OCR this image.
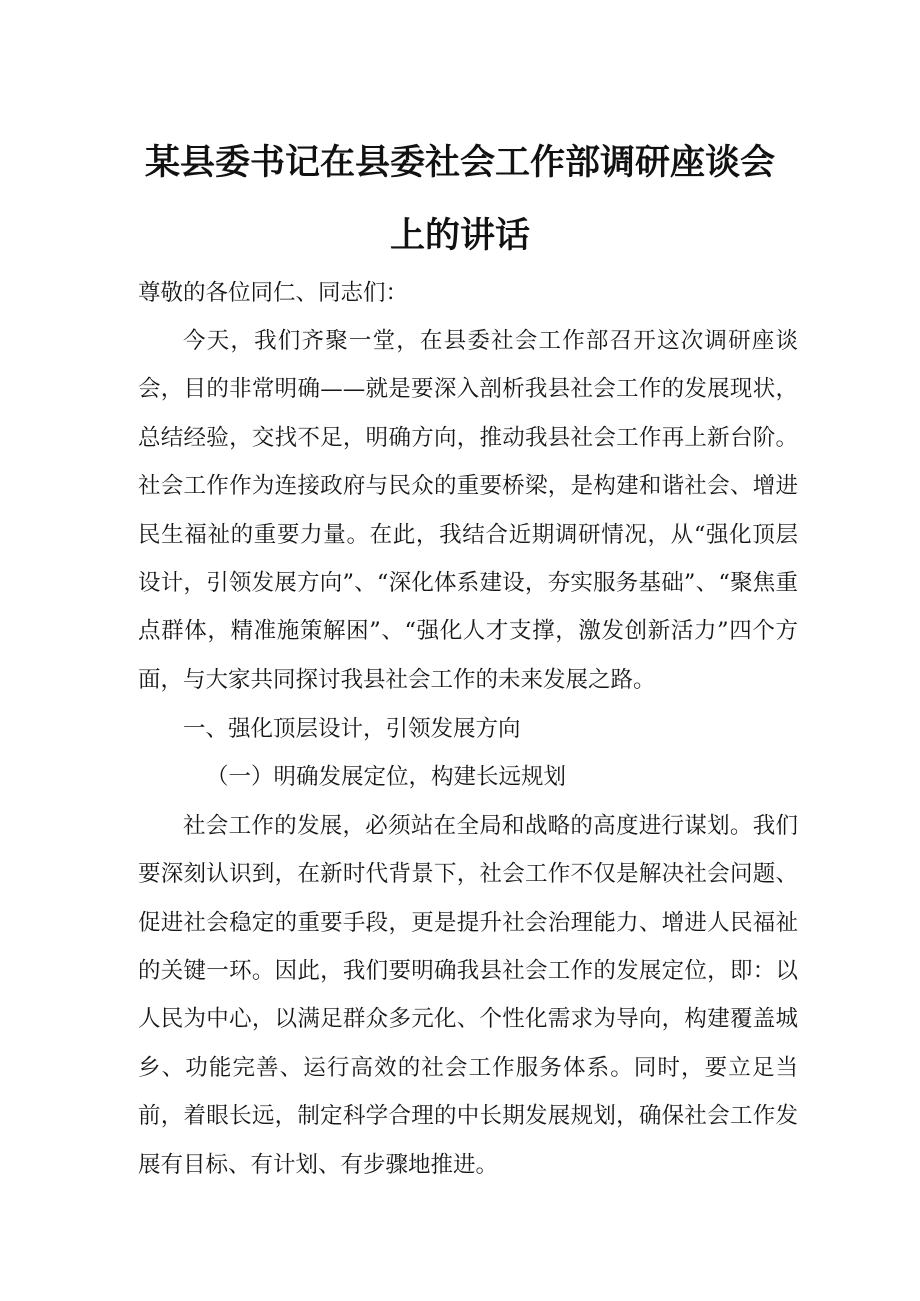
某县委书记在县委社会工作部调研座谈会
上的讲话
尊敬的各位同仁、同志们：

今天，我们齐聚一堂，在县委社会工作部召开这次调研座谈会，目的非常明确——就是要深入剖析我县社会工作的发展现状，总结经验，交找不足，明确方向，推动我县社会工作再上新台阶。社会工作作为连接政府与民众的重要桥梁，是构建和谐社会、增进民生福祉的重要力量。在此，我结合近期调研情况，从“强化顶层设计，引领发展方向”、“深化体系建设，夯实服务基础”、“聚焦重点群体，精准施策解困”、“强化人才支撑，激发创新活力”四个方面，与大家共同探讨我县社会工作的未来发展之路。

一、强化顶层设计，引领发展方向

（一）明确发展定位，构建长远规划

社会工作的发展，必须站在全局和战略的高度进行谋划。我们要深刻认识到，在新时代背景下，社会工作不仅是解决社会问题、促进社会稳定的重要手段，更是提升社会治理能力、增进人民福祉的关键一环。因此，我们要明确我县社会工作的发展定位，即：以人民为中心，以满足群众多元化、个性化需求为导向，构建覆盖城乡、功能完善、运行高效的社会工作服务体系。同时，要立足当前，着眼长远，制定科学合理的中长期发展规划，确保社会工作发展有目标、有计划、有步骤地推进。
